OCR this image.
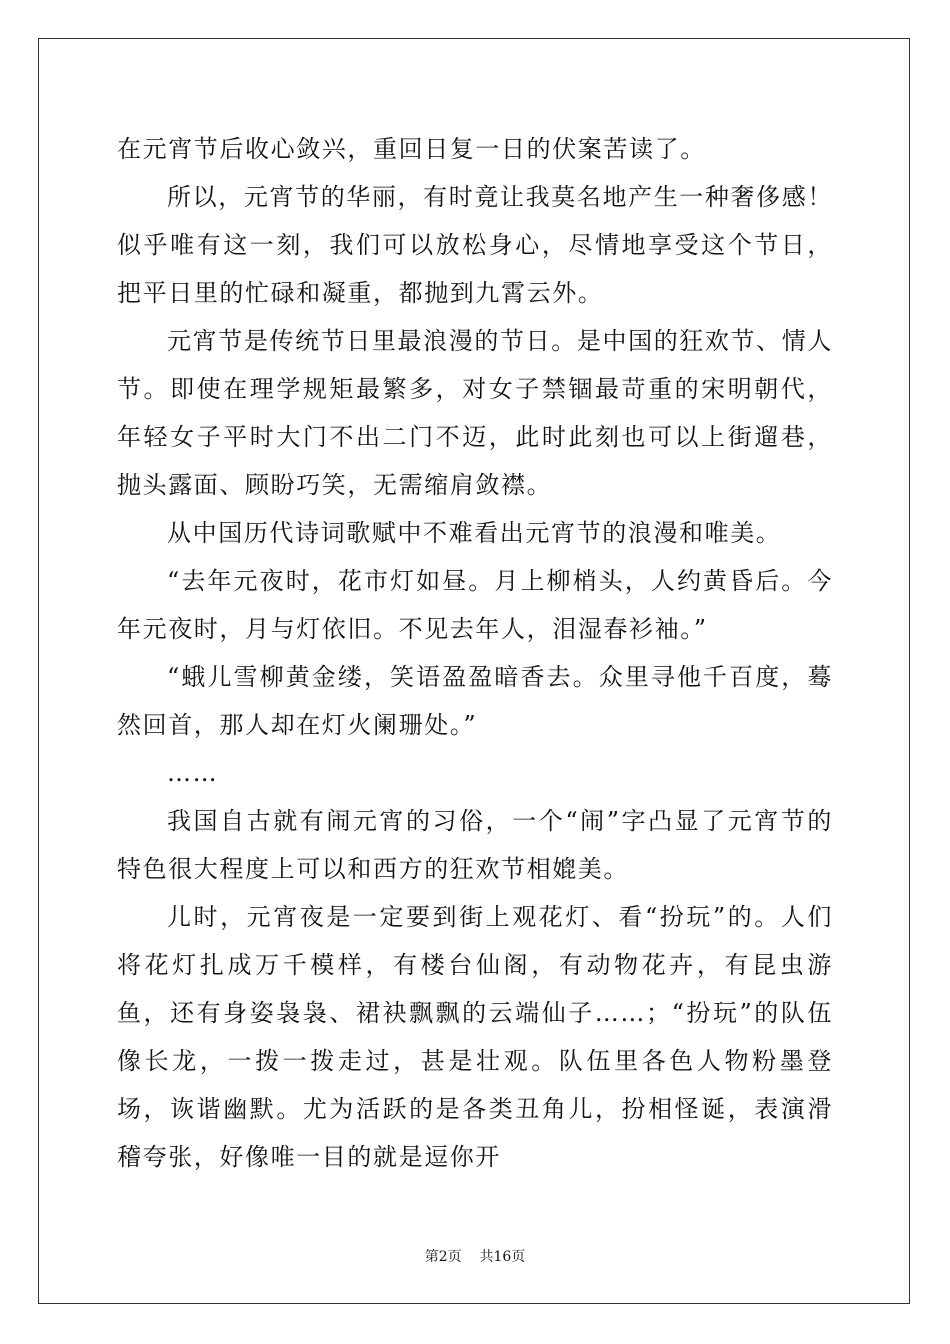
在元宵节后收心敛兴，重回日复一日的伏案苦读了。

所以，元宵节的华丽，有时竟让我莫名地产生一种奢侈感！似乎唯有这一刻，我们可以放松身心，尽情地享受这个节日，把平日里的忙碌和凝重，都抛到九霄云外。

元宵节是传统节日里最浪漫的节日。是中国的狂欢节、情人节。即使在理学规矩最繁多，对女子禁锢最苛重的宋明朝代，年轻女子平时大门不出二门不迈，此时此刻也可以上街遛巷，抛头露面、顾盼巧笑，无需缩肩敛襟。

从中国历代诗词歌赋中不难看出元宵节的浪漫和唯美。

“去年元夜时，花市灯如昼。月上柳梢头，人约黄昏后。今年元夜时，月与灯依旧。不见去年人，泪湿春衫袖。”

“蛾儿雪柳黄金缕，笑语盈盈暗香去。众里寻他千百度，蓦然回首，那人却在灯火阑珊处。”

……

我国自古就有闹元宵的习俗，一个“闹”字凸显了元宵节的特色很大程度上可以和西方的狂欢节相媲美。

儿时，元宵夜是一定要到街上观花灯、看“扮玩”的。人们将花灯扎成万千模样，有楼台仙阁，有动物花卉，有昆虫游鱼，还有身姿袅袅、裙袂飘飘的云端仙子……；“扮玩”的队伍像长龙，一拨一拨走过，甚是壮观。队伍里各色人物粉墨登场，诙谐幽默。尤为活跃的是各类丑角儿，扮相怪诞，表演滑稽夸张，好像唯一目的就是逗你开

第2页    共16页
